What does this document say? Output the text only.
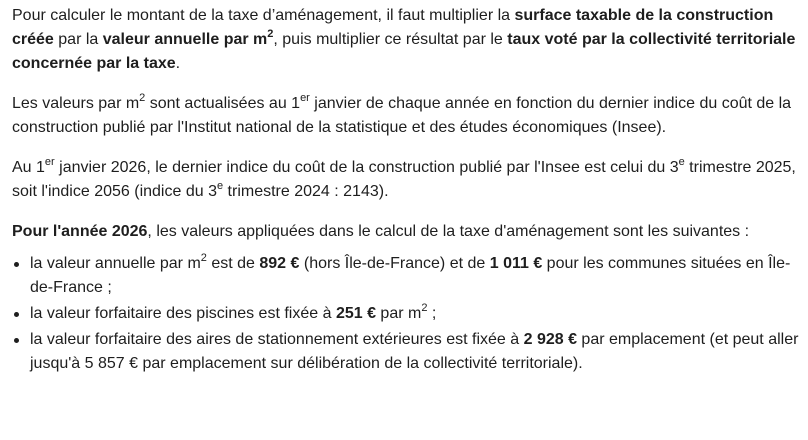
Pour calculer le montant de la taxe d’aménagement, il faut multiplier la surface taxable de la construction créée par la valeur annuelle par $m^2$, puis multiplier ce résultat par le taux voté par la collectivité territoriale concernée par la taxe.

Les valeurs par $m^2$ sont actualisées au 1er janvier de chaque année en fonction du dernier indice du coût de la construction publié par l'Institut national de la statistique et des études économiques (Insee).

Au 1er janvier 2026, le dernier indice du coût de la construction publié par l'Insee est celui du 3e trimestre 2025, soit l'indice 2056 (indice du 3e trimestre 2024 : 2143).

Pour l'année 2026, les valeurs appliquées dans le calcul de la taxe d'aménagement sont les suivantes :

la valeur annuelle par $m^2$ est de 892 € (hors Île-de-France) et de 1 011 € pour les communes situées en Île-de-France ;
la valeur forfaitaire des piscines est fixée à 251 € par $m^2$ ;
la valeur forfaitaire des aires de stationnement extérieures est fixée à 2 928 € par emplacement (et peut aller jusqu'à 5 857 € par emplacement sur délibération de la collectivité territoriale).
